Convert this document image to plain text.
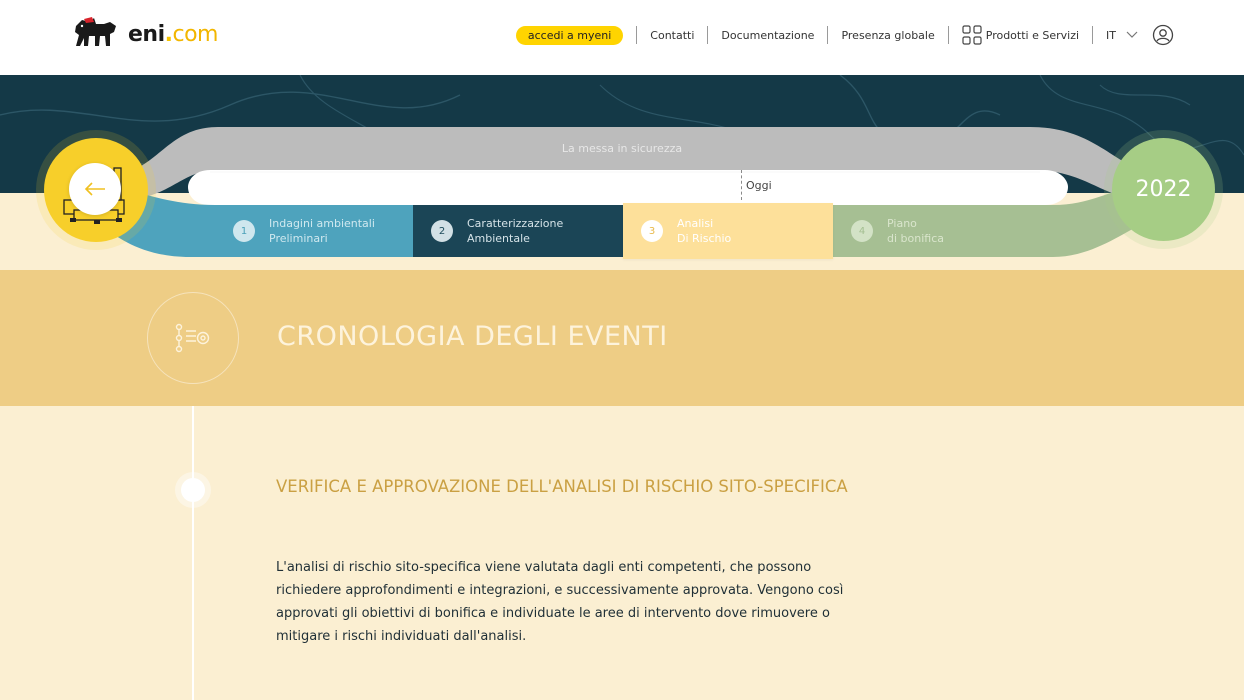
eni.com	accedi a myeni	Contatti Documentazione Presenza globale	Prodotti e Servizi IT
La messa in sicurezza
Oggi
1
Indagini ambientali
Preliminari
2
Caratterizzazione
Ambientale
3
Analisi
Di Rischio
4
Piano
di bonifica
2022
CRONOLOGIA DEGLI EVENTI
VERIFICA E APPROVAZIONE DELL'ANALISI DI RISCHIO SITO-SPECIFICA
L'analisi di rischio sito-specifica viene valutata dagli enti competenti, che possono richiedere approfondimenti e integrazioni, e successivamente approvata. Vengono così approvati gli obiettivi di bonifica e individuate le aree di intervento dove rimuovere o mitigare i rischi individuati dall'analisi.
